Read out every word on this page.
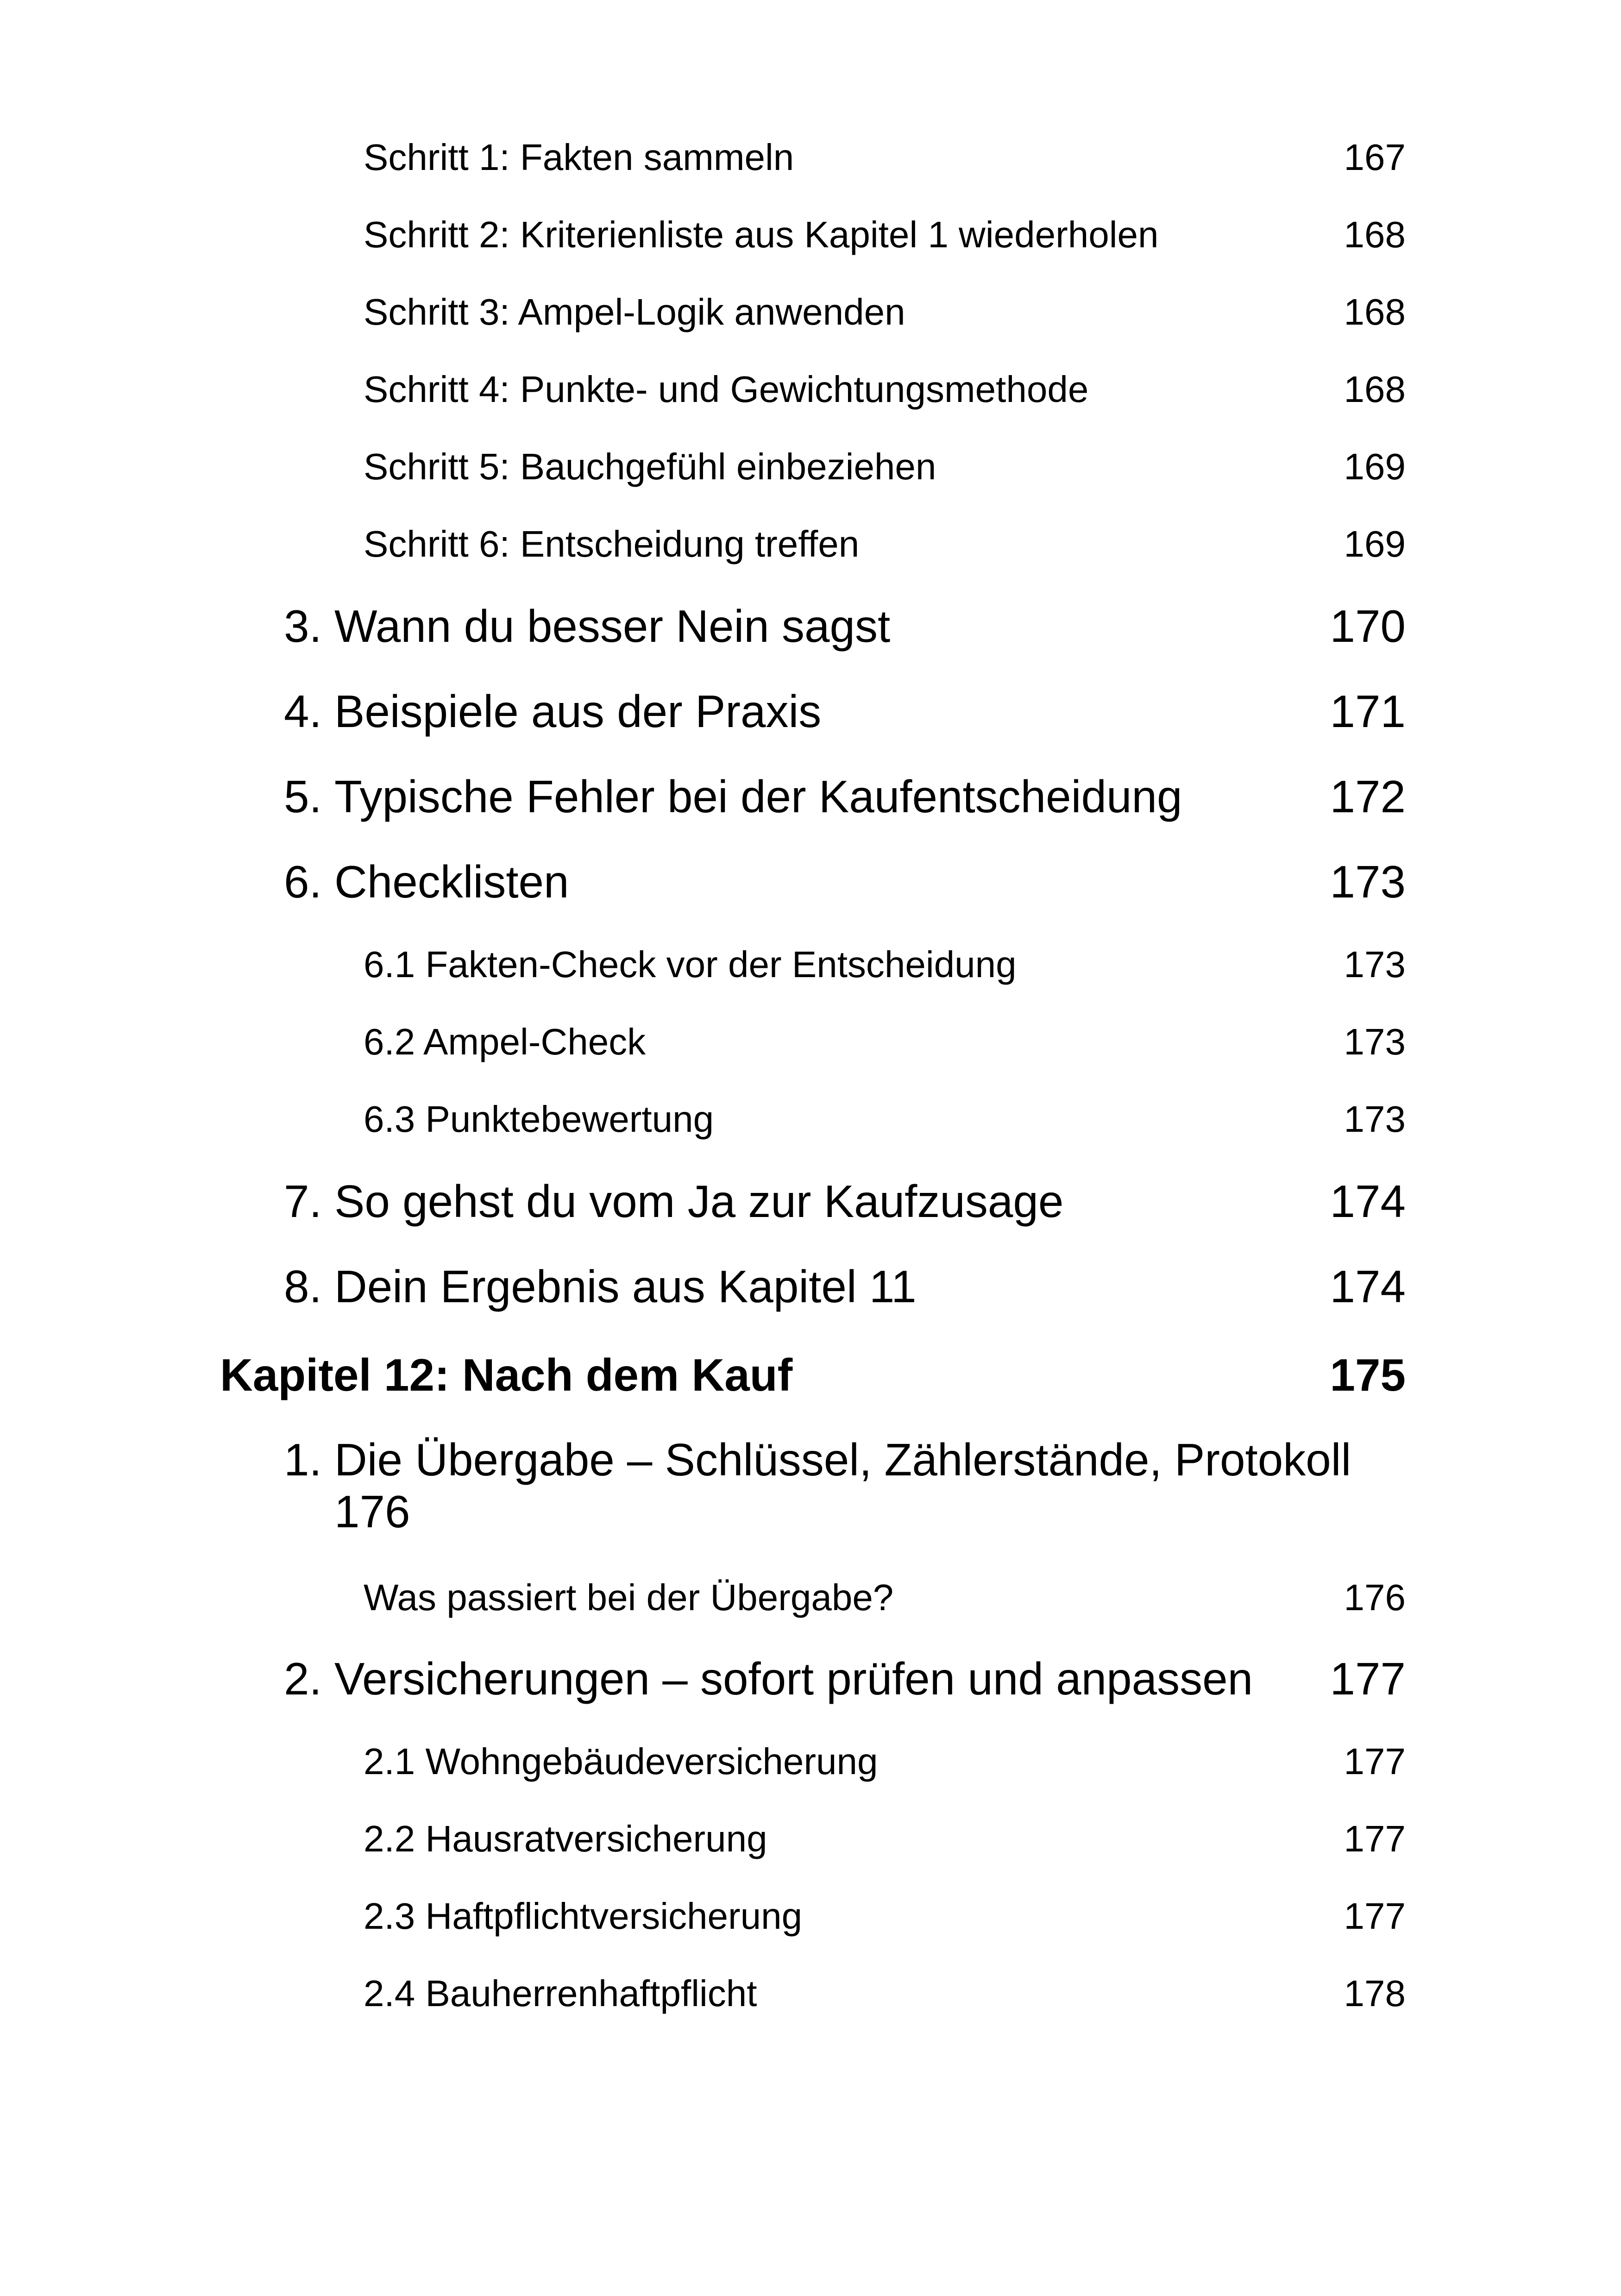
Schritt 1: Fakten sammeln	167
Schritt 2: Kriterienliste aus Kapitel 1 wiederholen	168
Schritt 3: Ampel-Logik anwenden	168
Schritt 4: Punkte- und Gewichtungsmethode	168
Schritt 5: Bauchgefühl einbeziehen	169
Schritt 6: Entscheidung treffen	169
3. Wann du besser Nein sagst	170
4. Beispiele aus der Praxis	171
5. Typische Fehler bei der Kaufentscheidung	172
6. Checklisten	173
6.1 Fakten-Check vor der Entscheidung	173
6.2 Ampel-Check	173
6.3 Punktebewertung	173
7. So gehst du vom Ja zur Kaufzusage	174
8. Dein Ergebnis aus Kapitel 11	174
Kapitel 12: Nach dem Kauf	175
1. Die Übergabe – Schlüssel, Zählerstände, Protokoll
176
Was passiert bei der Übergabe?	176
2. Versicherungen – sofort prüfen und anpassen 177
2.1 Wohngebäudeversicherung	177
2.2 Hausratversicherung	177
2.3 Haftpflichtversicherung	177
2.4 Bauherrenhaftpflicht	178
